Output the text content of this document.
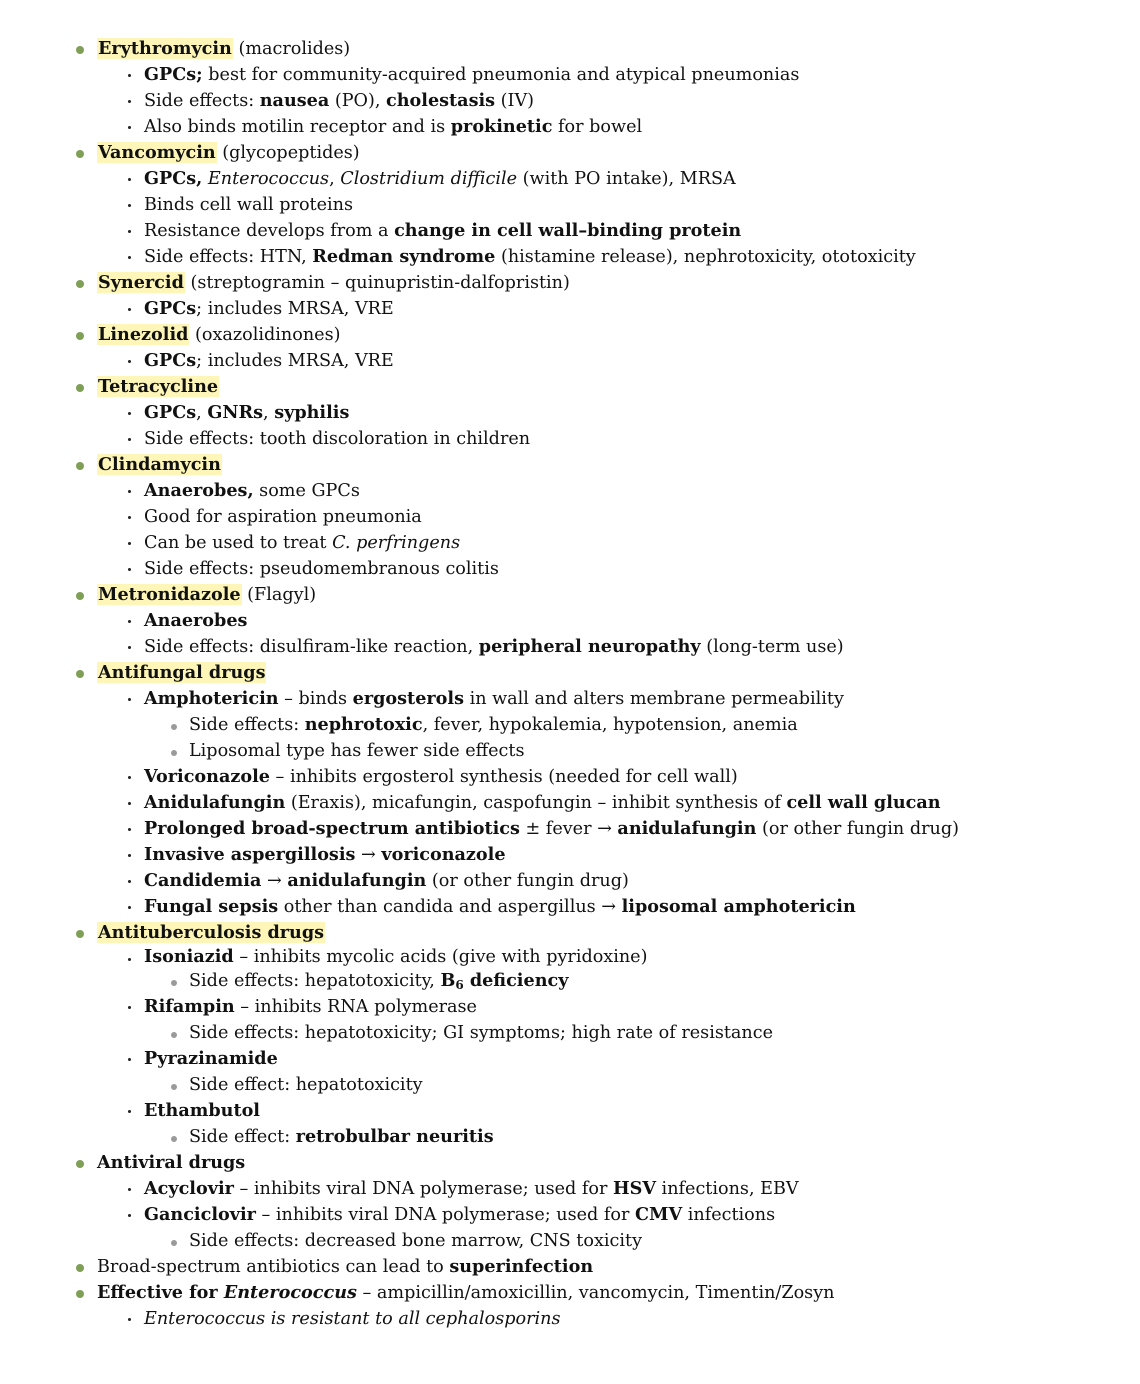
Erythromycin (macrolides)
GPCs; best for community-acquired pneumonia and atypical pneumonias
Side effects: nausea (PO), cholestasis (IV)
Also binds motilin receptor and is prokinetic for bowel
Vancomycin (glycopeptides)
GPCs, Enterococcus, Clostridium difficile (with PO intake), MRSA
Binds cell wall proteins
Resistance develops from a change in cell wall–binding protein
Side effects: HTN, Redman syndrome (histamine release), nephrotoxicity, ototoxicity
Synercid (streptogramin – quinupristin-dalfopristin)
GPCs; includes MRSA, VRE
Linezolid (oxazolidinones)
GPCs; includes MRSA, VRE
Tetracycline
GPCs, GNRs, syphilis
Side effects: tooth discoloration in children
Clindamycin
Anaerobes, some GPCs
Good for aspiration pneumonia
Can be used to treat C. perfringens
Side effects: pseudomembranous colitis
Metronidazole (Flagyl)
Anaerobes
Side effects: disulfiram-like reaction, peripheral neuropathy (long-term use)
Antifungal drugs
Amphotericin – binds ergosterols in wall and alters membrane permeability
Side effects: nephrotoxic, fever, hypokalemia, hypotension, anemia
Liposomal type has fewer side effects
Voriconazole – inhibits ergosterol synthesis (needed for cell wall)
Anidulafungin (Eraxis), micafungin, caspofungin – inhibit synthesis of cell wall glucan
Prolonged broad-spectrum antibiotics ± fever → anidulafungin (or other fungin drug)
Invasive aspergillosis → voriconazole
Candidemia → anidulafungin (or other fungin drug)
Fungal sepsis other than candida and aspergillus → liposomal amphotericin
Antituberculosis drugs
Isoniazid – inhibits mycolic acids (give with pyridoxine)
Side effects: hepatotoxicity, $B_6$ deficiency
Rifampin – inhibits RNA polymerase
Side effects: hepatotoxicity; GI symptoms; high rate of resistance
Pyrazinamide
Side effect: hepatotoxicity
Ethambutol
Side effect: retrobulbar neuritis
Antiviral drugs
Acyclovir – inhibits viral DNA polymerase; used for HSV infections, EBV
Ganciclovir – inhibits viral DNA polymerase; used for CMV infections
Side effects: decreased bone marrow, CNS toxicity
Broad-spectrum antibiotics can lead to superinfection
Effective for Enterococcus – ampicillin/amoxicillin, vancomycin, Timentin/Zosyn
Enterococcus is resistant to all cephalosporins
